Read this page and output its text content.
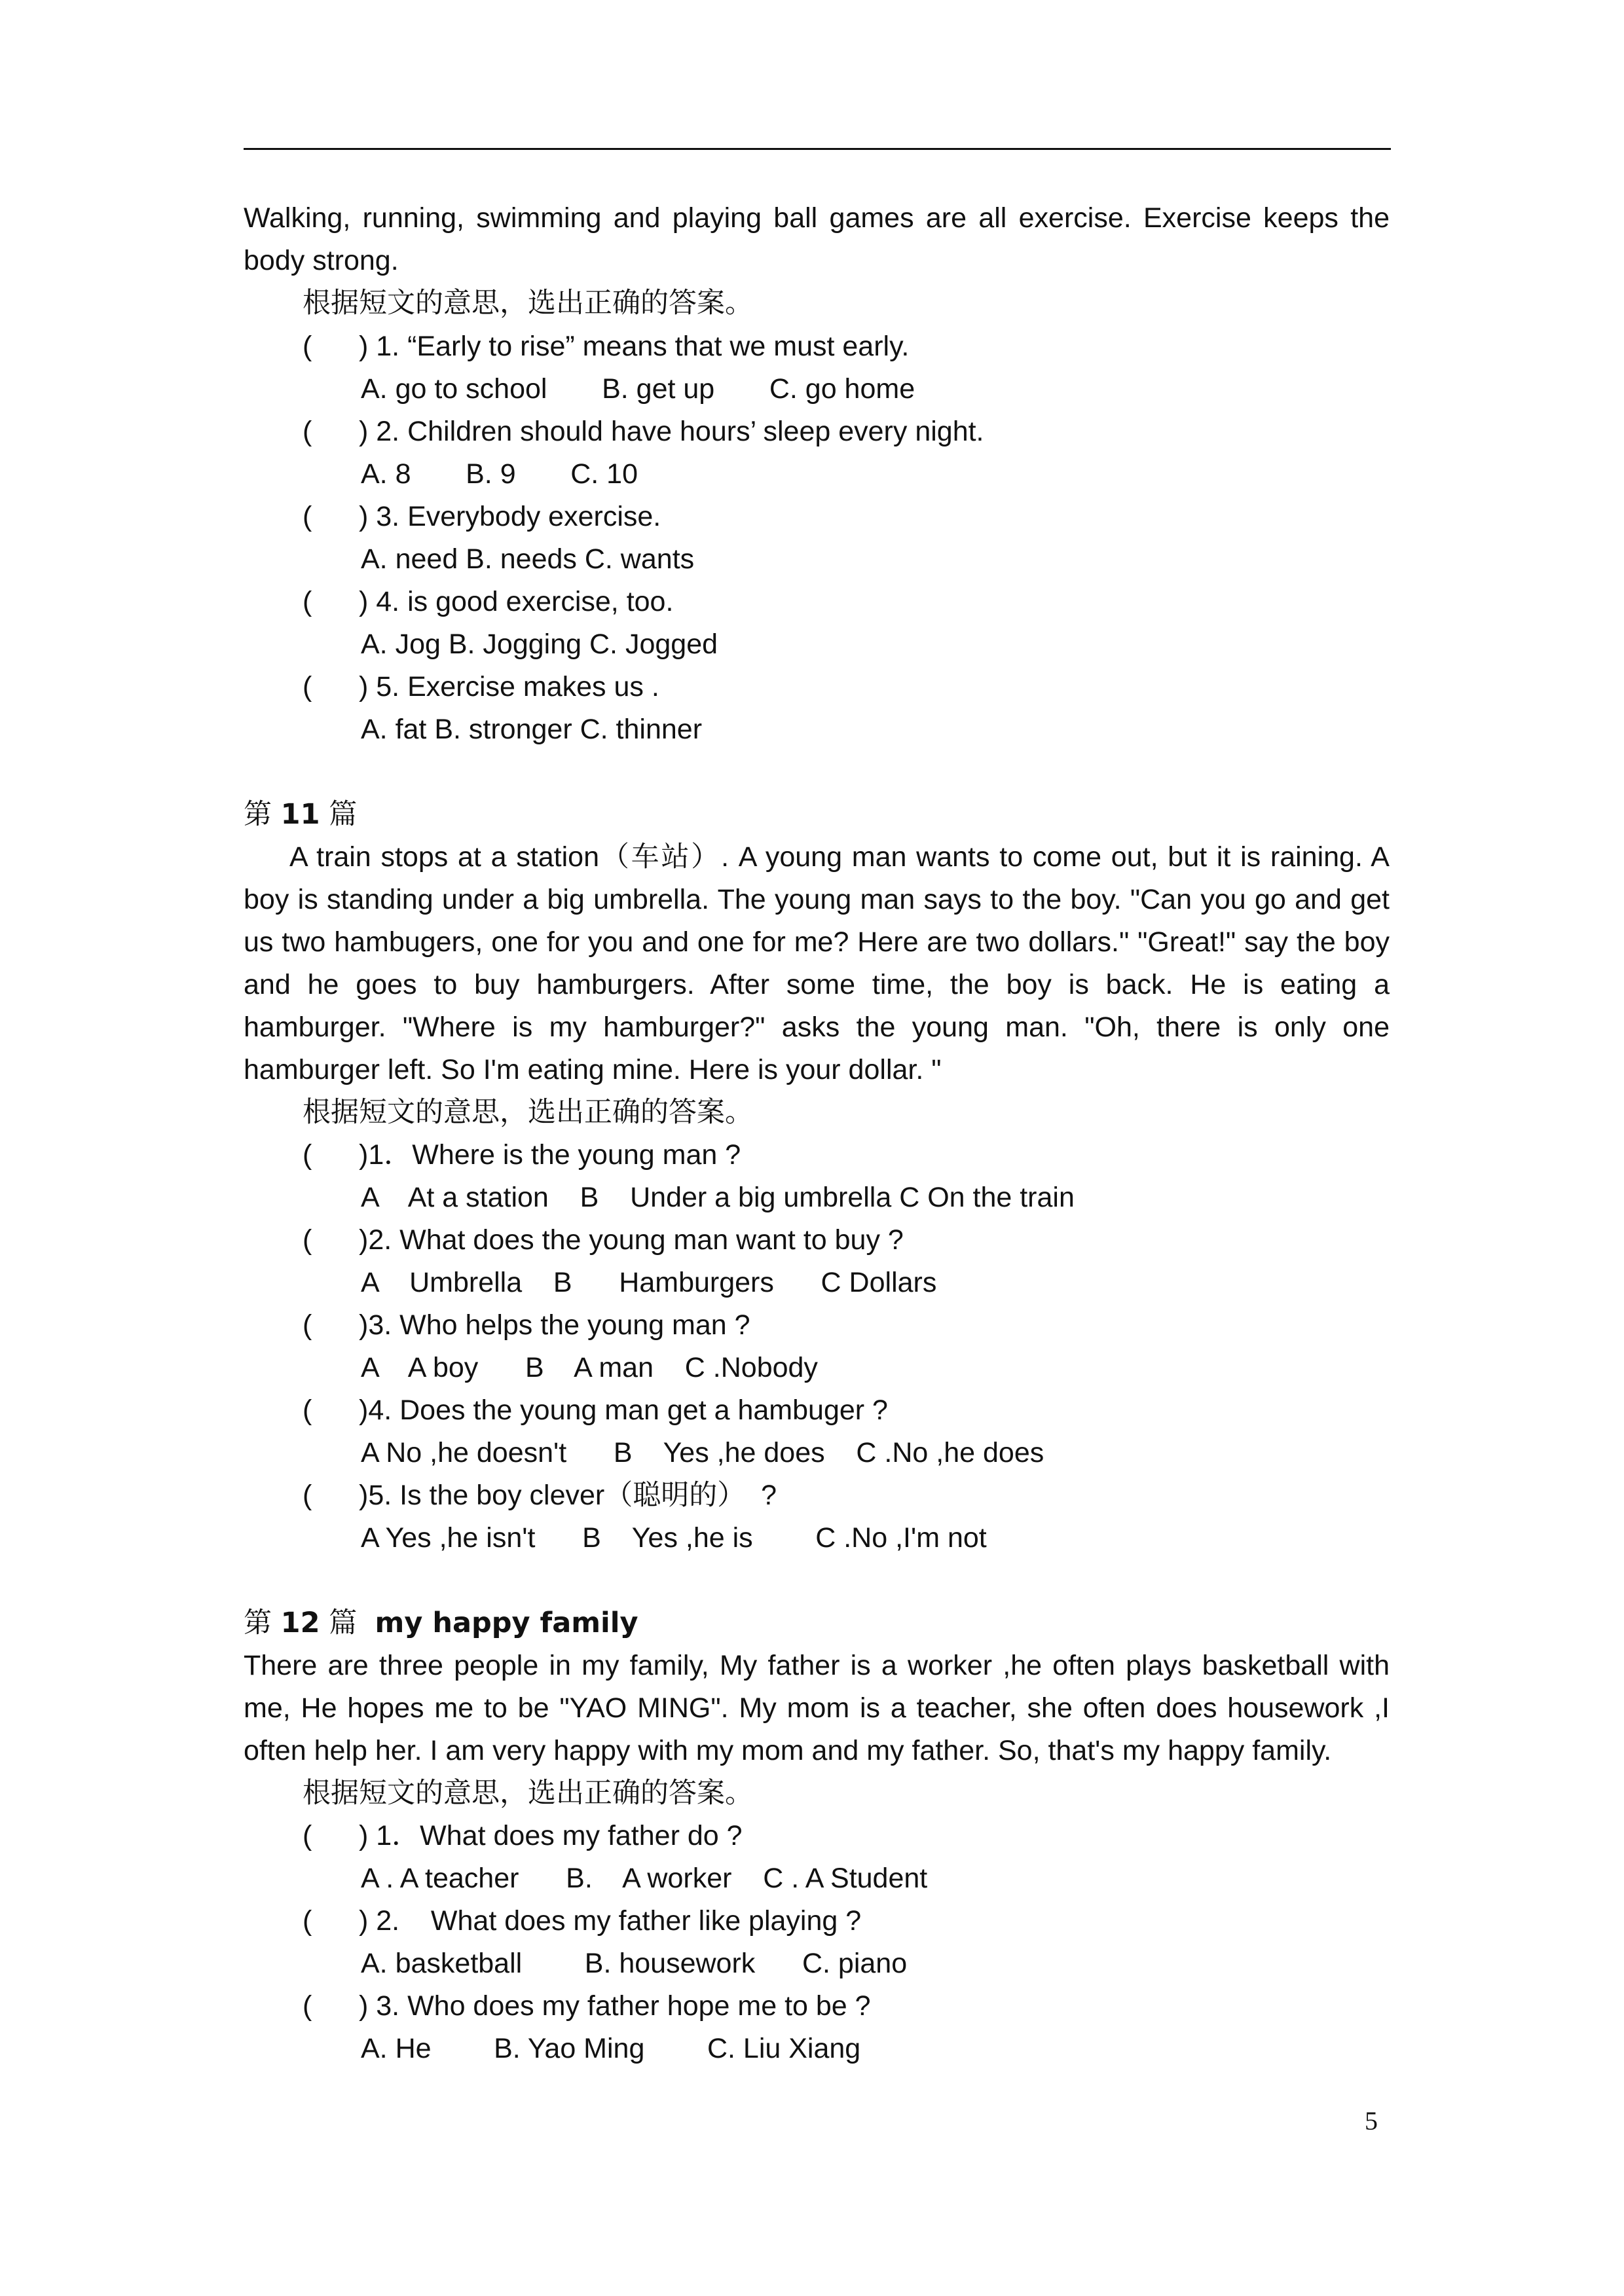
Walking, running, swimming and playing ball games are all exercise. Exercise keeps the body strong.
根据短文的意思，选出正确的答案。
(      ) 1. “Early to rise” means that we must early.
A. go to school       B. get up       C. go home
(      ) 2. Children should have hours’ sleep every night.
A. 8       B. 9       C. 10
(      ) 3. Everybody exercise.
A. need B. needs C. wants
(      ) 4. is good exercise, too.
A. Jog B. Jogging C. Jogged
(      ) 5. Exercise makes us .
A. fat B. stronger C. thinner
第 11 篇
A train stops at a station（车站）. A young man wants to come out, but it is raining. A boy is standing under a big umbrella. The young man says to the boy. "Can you go and get us two hambugers, one for you and one for me? Here are two dollars." "Great!" say the boy and he goes to buy hamburgers. After some time, the boy is back. He is eating a hamburger. "Where is my hamburger?" asks the young man. "Oh, there is only one hamburger left. So I'm eating mine. Here is your dollar. "
根据短文的意思，选出正确的答案。
(      )1．Where is the young man ?
A    At a station    B    Under a big umbrella C On the train
(      )2. What does the young man want to buy ?
A    Umbrella    B      Hamburgers      C Dollars
(      )3. Who helps the young man ?
A    A boy      B    A man    C .Nobody
(      )4. Does the young man get a hambuger ?
A No ,he doesn't      B    Yes ,he does    C .No ,he does
(      )5. Is the boy clever（聪明的）  ?
A Yes ,he isn't      B    Yes ,he is        C .No ,I'm not
第 12 篇 my happy family
There are three people in my family, My father is a worker ,he often plays basketball with me, He hopes me to be "YAO MING". My mom is a teacher, she often does housework ,I often help her. I am very happy with my mom and my father. So, that's my happy family.
根据短文的意思，选出正确的答案。
(      ) 1．What does my father do ?
A . A teacher      B.    A worker    C . A Student
(      ) 2.    What does my father like playing ?
A. basketball        B. housework      C. piano
(      ) 3. Who does my father hope me to be ?
A. He        B. Yao Ming        C. Liu Xiang
5
